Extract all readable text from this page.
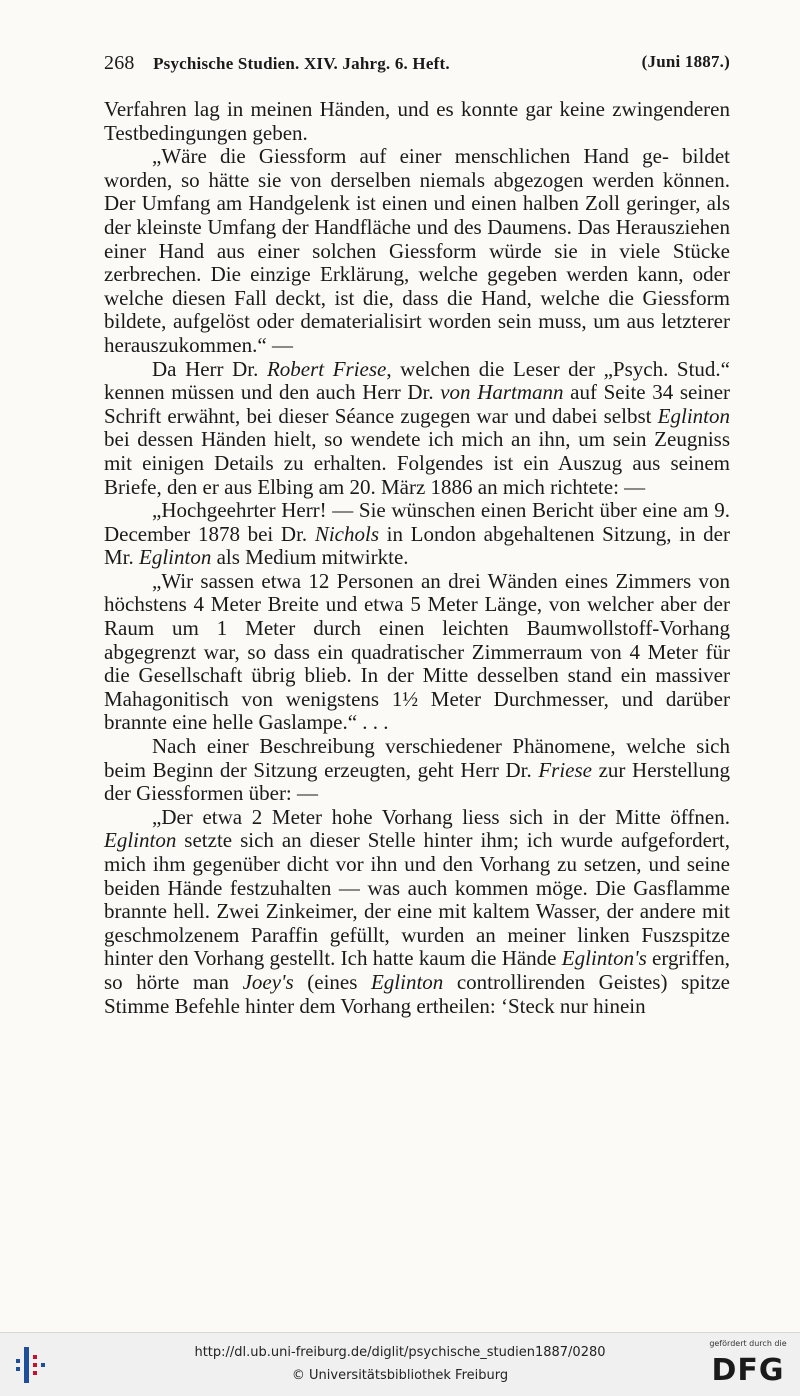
268 Psychische Studien. XIV. Jahrg. 6. Heft.	(Juni 1887.)

Verfahren lag in meinen Händen, und es konnte gar keine zwingenderen Testbedingungen geben.

„Wäre die Giessform auf einer menschlichen Hand ge- bildet worden, so hätte sie von derselben niemals abgezogen werden können. Der Umfang am Handgelenk ist einen und einen halben Zoll geringer, als der kleinste Umfang der Handfläche und des Daumens. Das Herausziehen einer Hand aus einer solchen Giessform würde sie in viele Stücke zerbrechen. Die einzige Erklärung, welche gegeben werden kann, oder welche diesen Fall deckt, ist die, dass die Hand, welche die Giessform bildete, aufgelöst oder dematerialisirt worden sein muss, um aus letzterer herauszukommen.“ —

Da Herr Dr. Robert Friese, welchen die Leser der „Psych. Stud.“ kennen müssen und den auch Herr Dr. von Hartmann auf Seite 34 seiner Schrift erwähnt, bei dieser Séance zugegen war und dabei selbst Eglinton bei dessen Händen hielt, so wendete ich mich an ihn, um sein Zeugniss mit einigen Details zu erhalten. Folgendes ist ein Auszug aus seinem Briefe, den er aus Elbing am 20. März 1886 an mich richtete: —

„Hochgeehrter Herr! — Sie wünschen einen Bericht über eine am 9. December 1878 bei Dr. Nichols in London abgehaltenen Sitzung, in der Mr. Eglinton als Medium mitwirkte.

„Wir sassen etwa 12 Personen an drei Wänden eines Zimmers von höchstens 4 Meter Breite und etwa 5 Meter Länge, von welcher aber der Raum um 1 Meter durch einen leichten Baumwollstoff-Vorhang abgegrenzt war, so dass ein quadratischer Zimmerraum von 4 Meter für die Gesellschaft übrig blieb. In der Mitte desselben stand ein massiver Mahagonitisch von wenigstens 1½ Meter Durchmesser, und darüber brannte eine helle Gaslampe.“ . . .

Nach einer Beschreibung verschiedener Phänomene, welche sich beim Beginn der Sitzung erzeugten, geht Herr Dr. Friese zur Herstellung der Giessformen über: —

„Der etwa 2 Meter hohe Vorhang liess sich in der Mitte öffnen. Eglinton setzte sich an dieser Stelle hinter ihm; ich wurde aufgefordert, mich ihm gegenüber dicht vor ihn und den Vorhang zu setzen, und seine beiden Hände festzuhalten — was auch kommen möge. Die Gasflamme brannte hell. Zwei Zinkeimer, der eine mit kaltem Wasser, der andere mit geschmolzenem Paraffin gefüllt, wurden an meiner linken Fuszspitze hinter den Vorhang gestellt. Ich hatte kaum die Hände Eglinton's ergriffen, so hörte man Joey's (eines Eglinton controllirenden Geistes) spitze Stimme Befehle hinter dem Vorhang ertheilen: ‘Steck nur hinein

http://dl.ub.uni-freiburg.de/diglit/psychische_studien1887/0280
© Universitätsbibliothek Freiburg
gefördert durch die
DFG
